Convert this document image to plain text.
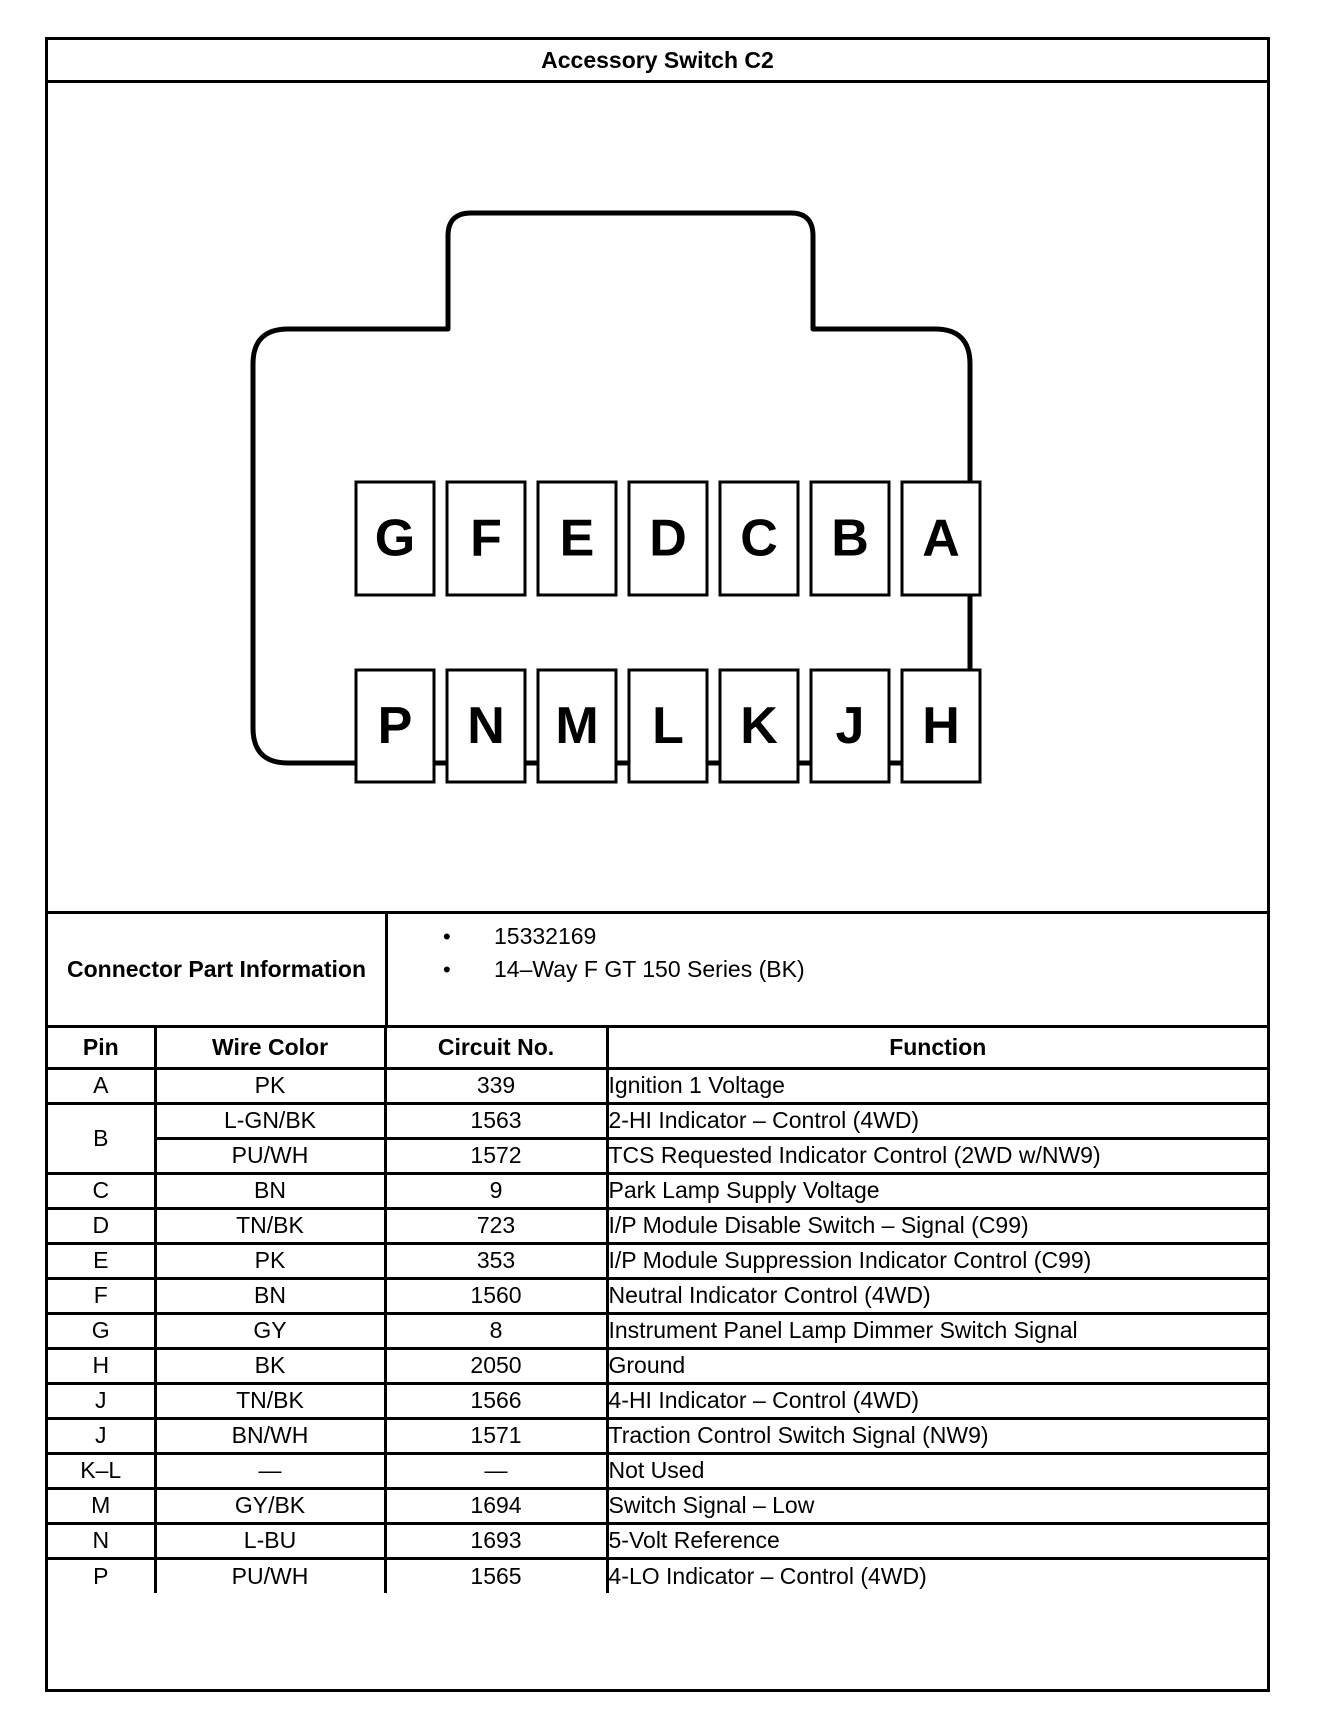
Accessory Switch C2
G F E D C B A
P N M L K J H
Connector Part Information
• 15332169
• 14–Way F GT 150 Series (BK)
Pin	Wire Color	Circuit No.	Function
A	PK	339	Ignition 1 Voltage
B	L-GN/BK	1563	2-HI Indicator – Control (4WD)
	PU/WH	1572	TCS Requested Indicator Control (2WD w/NW9)
C	BN	9	Park Lamp Supply Voltage
D	TN/BK	723	I/P Module Disable Switch – Signal (C99)
E	PK	353	I/P Module Suppression Indicator Control (C99)
F	BN	1560	Neutral Indicator Control (4WD)
G	GY	8	Instrument Panel Lamp Dimmer Switch Signal
H	BK	2050	Ground
J	TN/BK	1566	4-HI Indicator – Control (4WD)
J	BN/WH	1571	Traction Control Switch Signal (NW9)
K–L	—	—	Not Used
M	GY/BK	1694	Switch Signal – Low
N	L-BU	1693	5-Volt Reference
P	PU/WH	1565	4-LO Indicator – Control (4WD)
